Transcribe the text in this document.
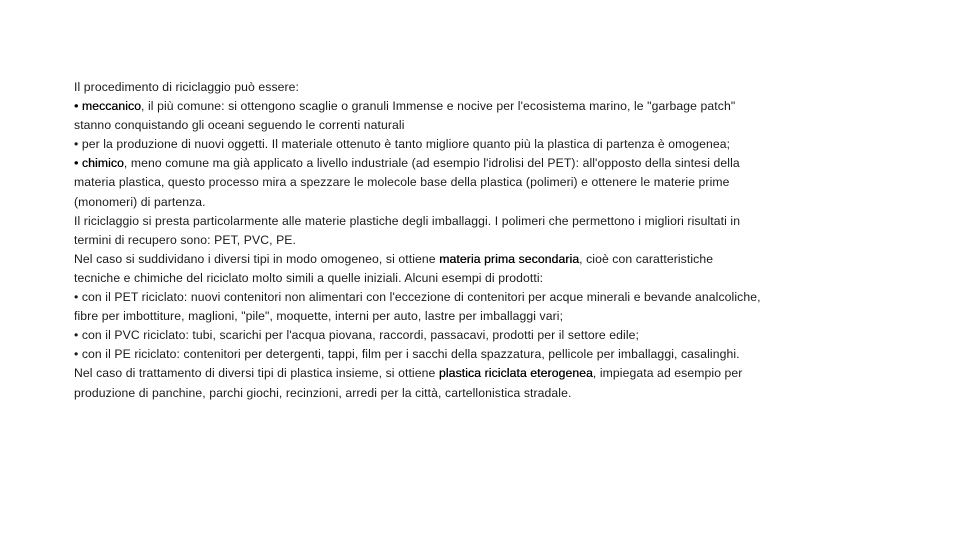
Il procedimento di riciclaggio può essere:
• meccanico, il più comune: si ottengono scaglie o granuli Immense e nocive per l'ecosistema marino, le "garbage patch"
stanno conquistando gli oceani seguendo le correnti naturali
• per la produzione di nuovi oggetti. Il materiale ottenuto è tanto migliore quanto più la plastica di partenza è omogenea;
• chimico, meno comune ma già applicato a livello industriale (ad esempio l'idrolisi del PET): all'opposto della sintesi della
materia plastica, questo processo mira a spezzare le molecole base della plastica (polimeri) e ottenere le materie prime
(monomeri) di partenza.
Il riciclaggio si presta particolarmente alle materie plastiche degli imballaggi. I polimeri che permettono i migliori risultati in
termini di recupero sono: PET, PVC, PE.
Nel caso si suddividano i diversi tipi in modo omogeneo, si ottiene materia prima secondaria, cioè con caratteristiche
tecniche e chimiche del riciclato molto simili a quelle iniziali. Alcuni esempi di prodotti:
• con il PET riciclato: nuovi contenitori non alimentari con l'eccezione di contenitori per acque minerali e bevande analcoliche,
fibre per imbottiture, maglioni, "pile", moquette, interni per auto, lastre per imballaggi vari;
• con il PVC riciclato: tubi, scarichi per l'acqua piovana, raccordi, passacavi, prodotti per il settore edile;
• con il PE riciclato: contenitori per detergenti, tappi, film per i sacchi della spazzatura, pellicole per imballaggi, casalinghi.
Nel caso di trattamento di diversi tipi di plastica insieme, si ottiene plastica riciclata eterogenea, impiegata ad esempio per
produzione di panchine, parchi giochi, recinzioni, arredi per la città, cartellonistica stradale.
